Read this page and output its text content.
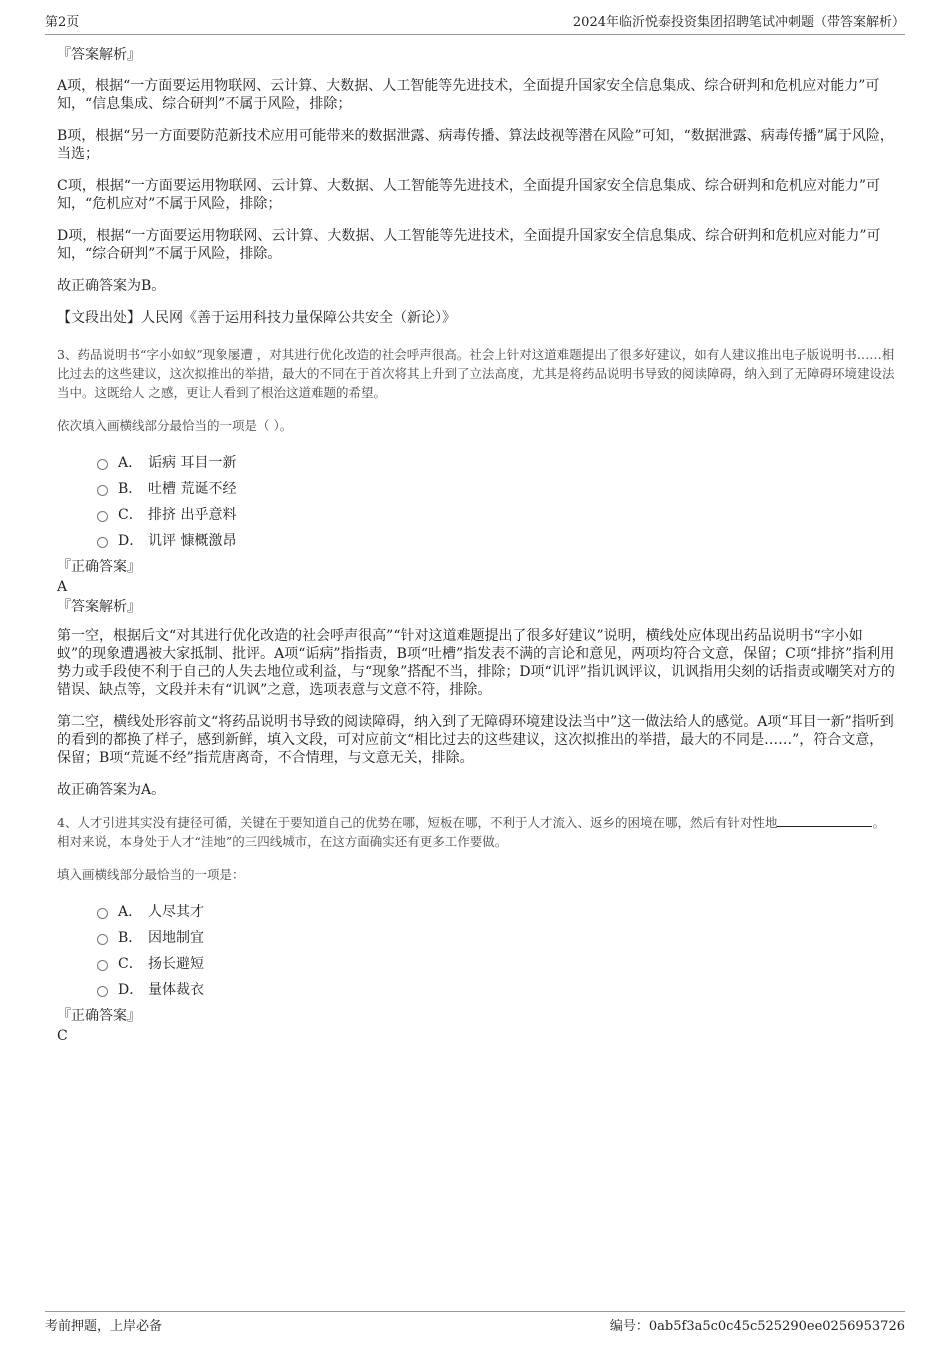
第2页	2024年临沂悦泰投资集团招聘笔试冲刺题（带答案解析）
『答案解析』

A项，根据“一方面要运用物联网、云计算、大数据、人工智能等先进技术，全面提升国家安全信息集成、综合研判和危机应对能力”可知，“信息集成、综合研判”不属于风险，排除；

B项，根据“另一方面要防范新技术应用可能带来的数据泄露、病毒传播、算法歧视等潜在风险”可知，“数据泄露、病毒传播”属于风险，当选；

C项，根据“一方面要运用物联网、云计算、大数据、人工智能等先进技术，全面提升国家安全信息集成、综合研判和危机应对能力”可知，“危机应对”不属于风险，排除；

D项，根据“一方面要运用物联网、云计算、大数据、人工智能等先进技术，全面提升国家安全信息集成、综合研判和危机应对能力”可知，“综合研判”不属于风险，排除。

故正确答案为B。

【文段出处】人民网《善于运用科技力量保障公共安全（新论）》

3、药品说明书“字小如蚁”现象屡遭 ，对其进行优化改造的社会呼声很高。社会上针对这道难题提出了很多好建议，如有人建议推出电子版说明书……相比过去的这些建议，这次拟推出的举措，最大的不同在于首次将其上升到了立法高度，尤其是将药品说明书导致的阅读障碍，纳入到了无障碍环境建设法当中。这既给人 之感，更让人看到了根治这道难题的希望。

依次填入画横线部分最恰当的一项是（ ）。

A． 诟病 耳目一新
B． 吐槽 荒诞不经
C． 排挤 出乎意料
D． 讥评 慷概激昂
『正确答案』
A
『答案解析』

第一空，根据后文“对其进行优化改造的社会呼声很高”“针对这道难题提出了很多好建议”说明，横线处应体现出药品说明书“字小如蚁”的现象遭遇被大家抵制、批评。A项“诟病”指指责，B项“吐槽”指发表不满的言论和意见，两项均符合文意，保留；C项“排挤”指利用势力或手段使不利于自己的人失去地位或利益，与“现象”搭配不当，排除；D项“讥评”指讥讽评议，讥讽指用尖刻的话指责或嘲笑对方的错误、缺点等，文段并未有“讥讽”之意，选项表意与文意不符，排除。

第二空，横线处形容前文“将药品说明书导致的阅读障碍，纳入到了无障碍环境建设法当中”这一做法给人的感觉。A项“耳目一新”指听到的看到的都换了样子，感到新鲜，填入文段，可对应前文“相比过去的这些建议，这次拟推出的举措，最大的不同是……”，符合文意，保留；B项“荒诞不经”指荒唐离奇，不合情理，与文意无关，排除。

故正确答案为A。

4、人才引进其实没有捷径可循，关键在于要知道自己的优势在哪，短板在哪，不利于人才流入、返乡的困境在哪，然后有针对性地	。相对来说，本身处于人才“洼地”的三四线城市，在这方面确实还有更多工作要做。

填入画横线部分最恰当的一项是：

A． 人尽其才
B． 因地制宜
C． 扬长避短
D． 量体裁衣
『正确答案』
C
考前押题，上岸必备	编号：0ab5f3a5c0c45c525290ee0256953726
